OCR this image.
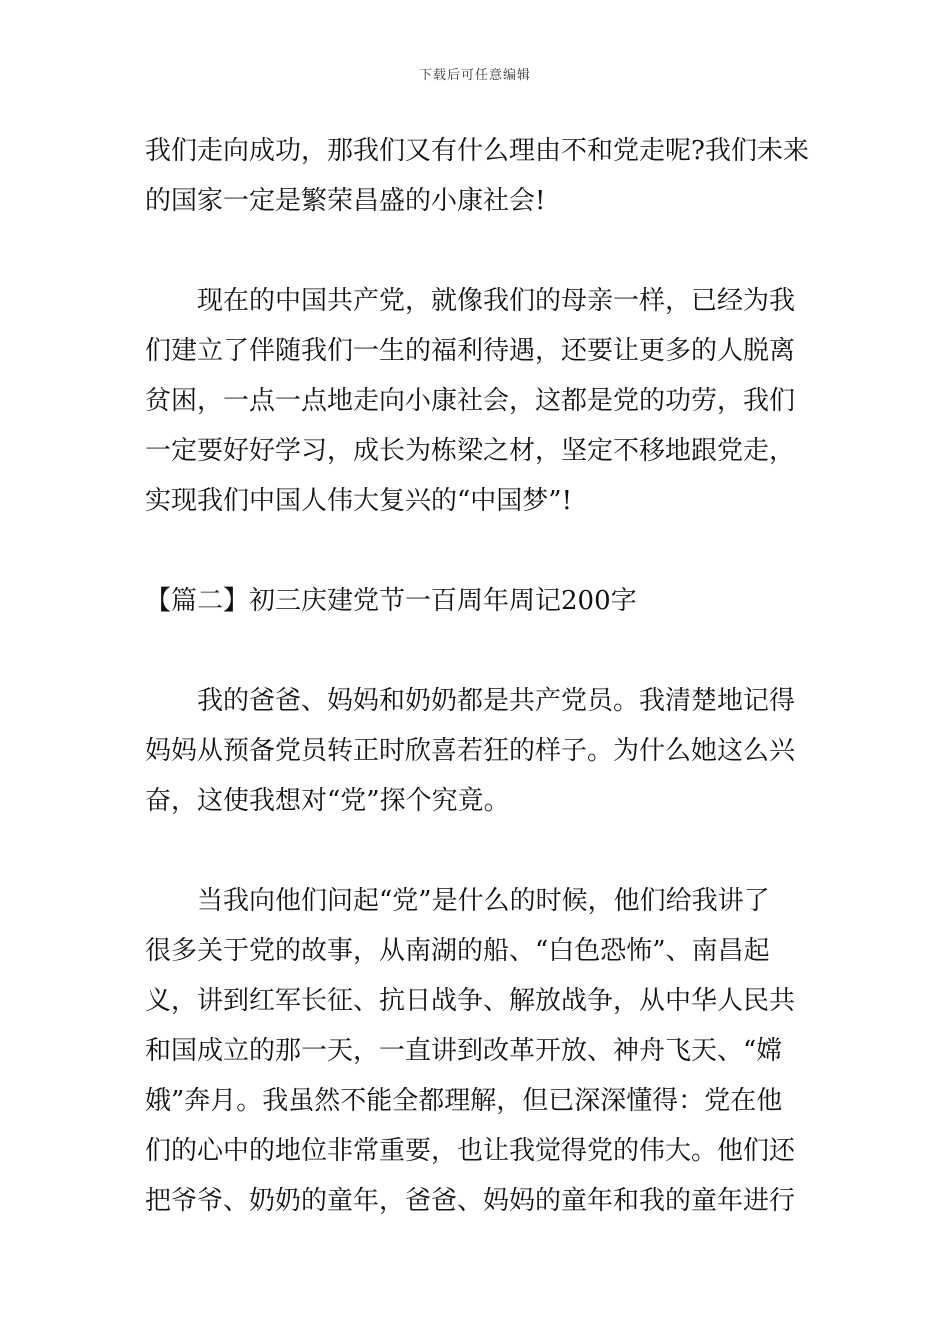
下载后可任意编辑
我们走向成功，那我们又有什么理由不和党走呢?我们未来
的国家一定是繁荣昌盛的小康社会!
现在的中国共产党，就像我们的母亲一样，已经为我
们建立了伴随我们一生的福利待遇，还要让更多的人脱离
贫困，一点一点地走向小康社会，这都是党的功劳，我们
一定要好好学习，成长为栋梁之材，坚定不移地跟党走，
实现我们中国人伟大复兴的“中国梦”!
【篇二】初三庆建党节一百周年周记200字
我的爸爸、妈妈和奶奶都是共产党员。我清楚地记得
妈妈从预备党员转正时欣喜若狂的样子。为什么她这么兴
奋，这使我想对“党”探个究竟。
当我向他们问起“党”是什么的时候，他们给我讲了
很多关于党的故事，从南湖的船、“白色恐怖”、南昌起
义，讲到红军长征、抗日战争、解放战争，从中华人民共
和国成立的那一天，一直讲到改革开放、神舟飞天、“嫦
娥”奔月。我虽然不能全都理解，但已深深懂得：党在他
们的心中的地位非常重要，也让我觉得党的伟大。他们还
把爷爷、奶奶的童年，爸爸、妈妈的童年和我的童年进行
